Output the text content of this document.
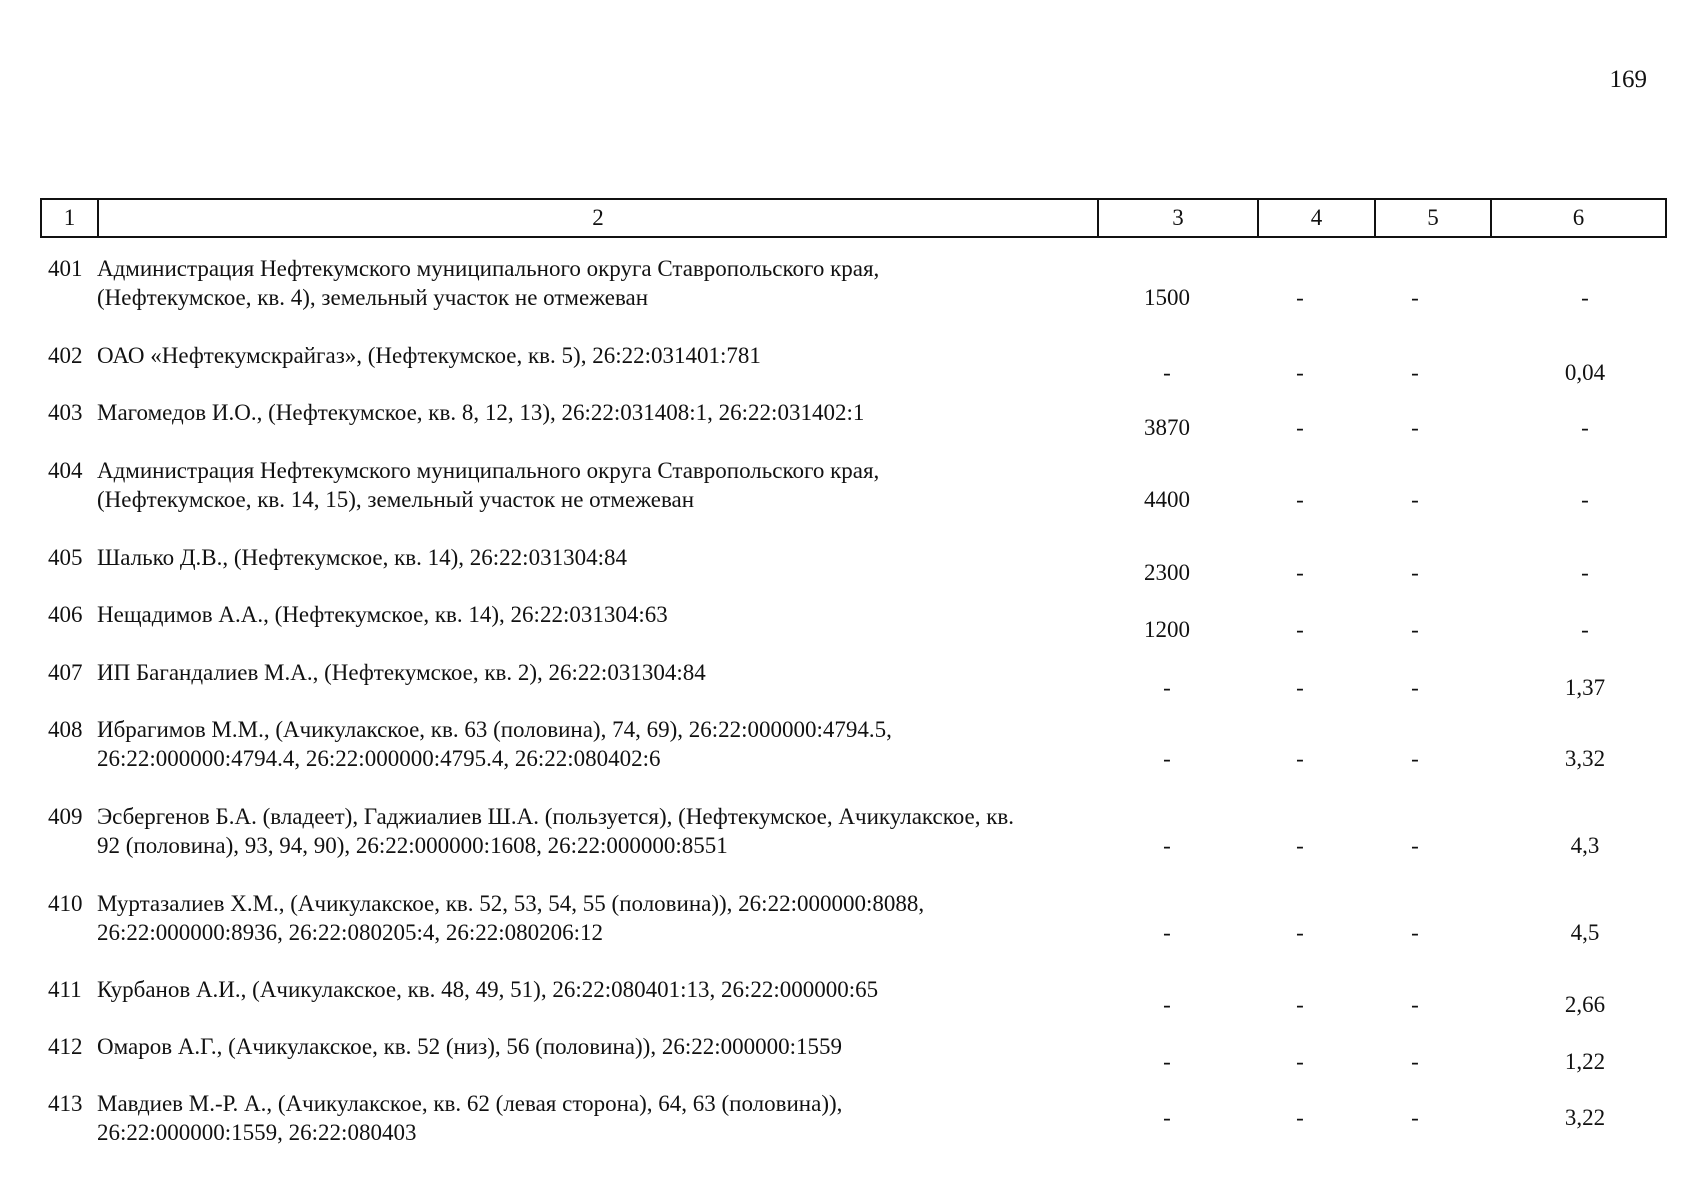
169
1	2	3	4	5	6
401 Администрация Нефтекумского муниципального округа Ставропольского края,
(Нефтекумское, кв. 4), земельный участок не отмежеван	1500	-	-	-
402 ОАО «Нефтекумскрайгаз», (Нефтекумское, кв. 5), 26:22:031401:781
-	-	-	0,04
403 Магомедов И.О., (Нефтекумское, кв. 8, 12, 13), 26:22:031408:1, 26:22:031402:1
3870	-	-	-
404 Администрация Нефтекумского муниципального округа Ставропольского края,
(Нефтекумское, кв. 14, 15), земельный участок не отмежеван	4400	-	-	-
405 Шалько Д.В., (Нефтекумское, кв. 14), 26:22:031304:84
2300	-	-	-
406 Нещадимов А.А., (Нефтекумское, кв. 14), 26:22:031304:63
1200	-	-	-
407 ИП Багандалиев М.А., (Нефтекумское, кв. 2), 26:22:031304:84
-	-	-	1,37
408 Ибрагимов М.М., (Ачикулакское, кв. 63 (половина), 74, 69), 26:22:000000:4794.5,
26:22:000000:4794.4, 26:22:000000:4795.4, 26:22:080402:6	-	-	-	3,32
409 Эсбергенов Б.А. (владеет), Гаджиалиев Ш.А. (пользуется), (Нефтекумское, Ачикулакское, кв.
92 (половина), 93, 94, 90), 26:22:000000:1608, 26:22:000000:8551	-	-	-	4,3
410 Муртазалиев Х.М., (Ачикулакское, кв. 52, 53, 54, 55 (половина)), 26:22:000000:8088,
26:22:000000:8936, 26:22:080205:4, 26:22:080206:12	-	-	-	4,5
411 Курбанов А.И., (Ачикулакское, кв. 48, 49, 51), 26:22:080401:13, 26:22:000000:65
-	-	-	2,66
412 Омаров А.Г., (Ачикулакское, кв. 52 (низ), 56 (половина)), 26:22:000000:1559
-	-	-	1,22
413 Мавдиев М.-Р. А., (Ачикулакское, кв. 62 (левая сторона), 64, 63 (половина)),
26:22:000000:1559, 26:22:080403
-	-	-	3,22
